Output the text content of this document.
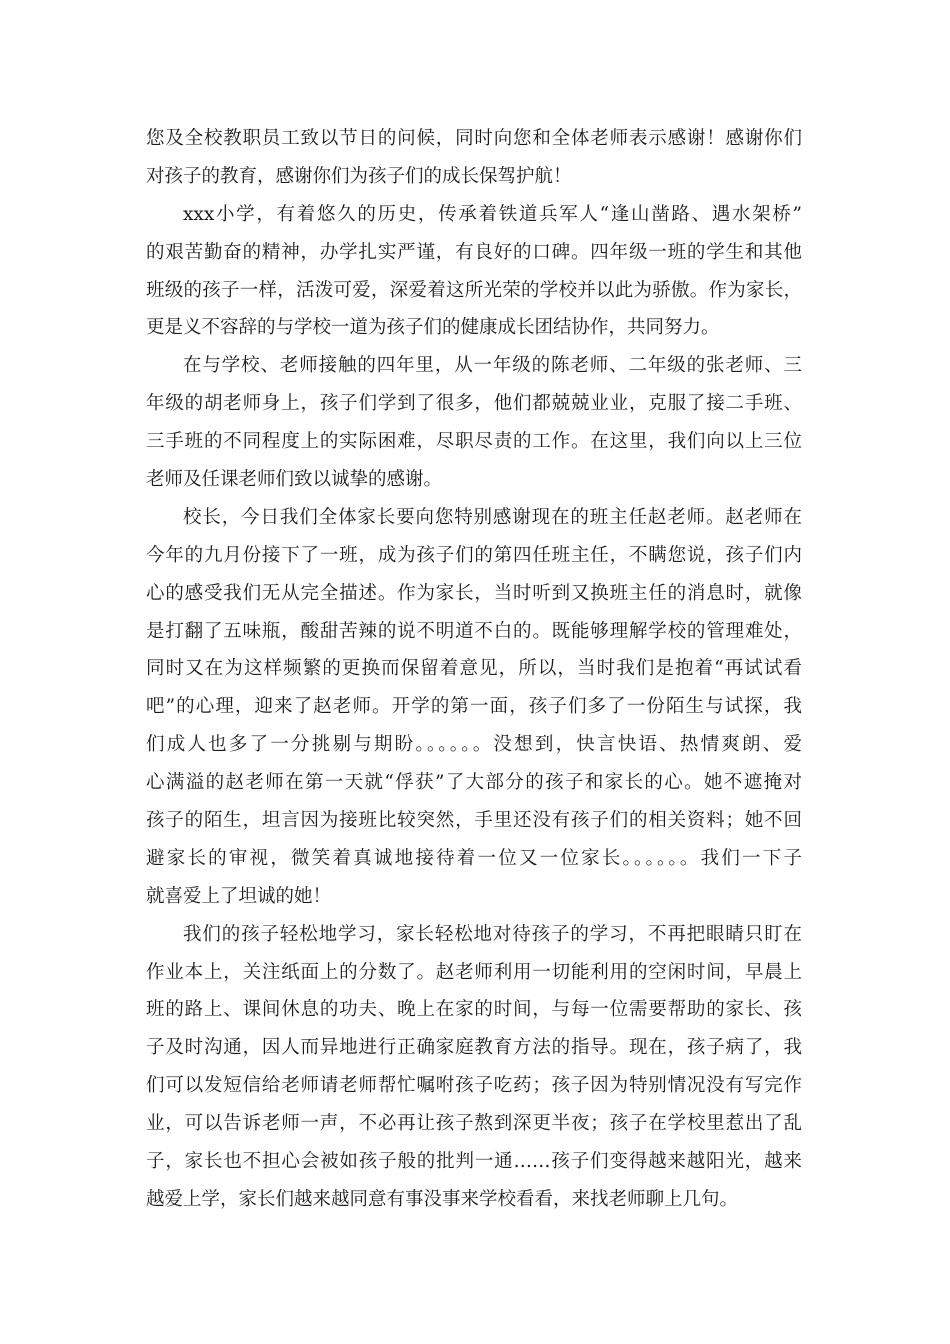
您及全校教职员工致以节日的问候，同时向您和全体老师表示感谢！感谢你们
对孩子的教育，感谢你们为孩子们的成长保驾护航！
xxx小学，有着悠久的历史，传承着铁道兵军人“逢山凿路、遇水架桥”
的艰苦勤奋的精神，办学扎实严谨，有良好的口碑。四年级一班的学生和其他
班级的孩子一样，活泼可爱，深爱着这所光荣的学校并以此为骄傲。作为家长，
更是义不容辞的与学校一道为孩子们的健康成长团结协作，共同努力。
在与学校、老师接触的四年里，从一年级的陈老师、二年级的张老师、三
年级的胡老师身上，孩子们学到了很多，他们都兢兢业业，克服了接二手班、
三手班的不同程度上的实际困难，尽职尽责的工作。在这里，我们向以上三位
老师及任课老师们致以诚挚的感谢。
校长，今日我们全体家长要向您特别感谢现在的班主任赵老师。赵老师在
今年的九月份接下了一班，成为孩子们的第四任班主任，不瞒您说，孩子们内
心的感受我们无从完全描述。作为家长，当时听到又换班主任的消息时，就像
是打翻了五味瓶，酸甜苦辣的说不明道不白的。既能够理解学校的管理难处，
同时又在为这样频繁的更换而保留着意见，所以，当时我们是抱着“再试试看
吧”的心理，迎来了赵老师。开学的第一面，孩子们多了一份陌生与试探，我
们成人也多了一分挑剔与期盼。。。。。。没想到，快言快语、热情爽朗、爱
心满溢的赵老师在第一天就“俘获”了大部分的孩子和家长的心。她不遮掩对
孩子的陌生，坦言因为接班比较突然，手里还没有孩子们的相关资料；她不回
避家长的审视，微笑着真诚地接待着一位又一位家长。。。。。。我们一下子
就喜爱上了坦诚的她！
我们的孩子轻松地学习，家长轻松地对待孩子的学习，不再把眼睛只盯在
作业本上，关注纸面上的分数了。赵老师利用一切能利用的空闲时间，早晨上
班的路上、课间休息的功夫、晚上在家的时间，与每一位需要帮助的家长、孩
子及时沟通，因人而异地进行正确家庭教育方法的指导。现在，孩子病了，我
们可以发短信给老师请老师帮忙嘱咐孩子吃药；孩子因为特别情况没有写完作
业，可以告诉老师一声，不必再让孩子熬到深更半夜；孩子在学校里惹出了乱
子，家长也不担心会被如孩子般的批判一通……孩子们变得越来越阳光，越来
越爱上学，家长们越来越同意有事没事来学校看看，来找老师聊上几句。
